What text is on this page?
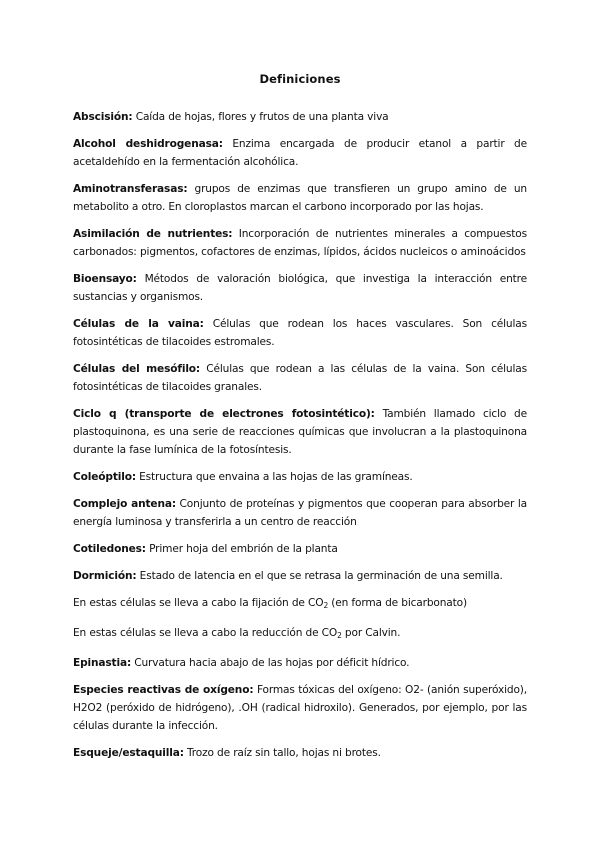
Definiciones

Abscisión: Caída de hojas, flores y frutos de una planta viva

Alcohol deshidrogenasa: Enzima encargada de producir etanol a partir de acetaldehído en la fermentación alcohólica.

Aminotransferasas: grupos de enzimas que transfieren un grupo amino de un metabolito a otro. En cloroplastos marcan el carbono incorporado por las hojas.

Asimilación de nutrientes: Incorporación de nutrientes minerales a compuestos carbonados: pigmentos, cofactores de enzimas, lípidos, ácidos nucleicos o aminoácidos

Bioensayo: Métodos de valoración biológica, que investiga la interacción entre sustancias y organismos.

Células de la vaina: Células que rodean los haces vasculares. Son células fotosintéticas de tilacoides estromales.

Células del mesófilo: Células que rodean a las células de la vaina. Son células fotosintéticas de tilacoides granales.

Ciclo q (transporte de electrones fotosintético): También llamado ciclo de plastoquinona, es una serie de reacciones químicas que involucran a la plastoquinona durante la fase lumínica de la fotosíntesis.

Coleóptilo: Estructura que envaina a las hojas de las gramíneas.

Complejo antena: Conjunto de proteínas y pigmentos que cooperan para absorber la energía luminosa y transferirla a un centro de reacción

Cotiledones: Primer hoja del embrión de la planta

Dormición: Estado de latencia en el que se retrasa la germinación de una semilla.

En estas células se lleva a cabo la fijación de $CO_2$ (en forma de bicarbonato)

En estas células se lleva a cabo la reducción de $CO_2$ por Calvin.

Epinastia: Curvatura hacia abajo de las hojas por déficit hídrico.

Especies reactivas de oxígeno: Formas tóxicas del oxígeno: O2- (anión superóxido), H2O2 (peróxido de hidrógeno), .OH (radical hidroxilo). Generados, por ejemplo, por las células durante la infección.

Esqueje/estaquilla: Trozo de raíz sin tallo, hojas ni brotes.
